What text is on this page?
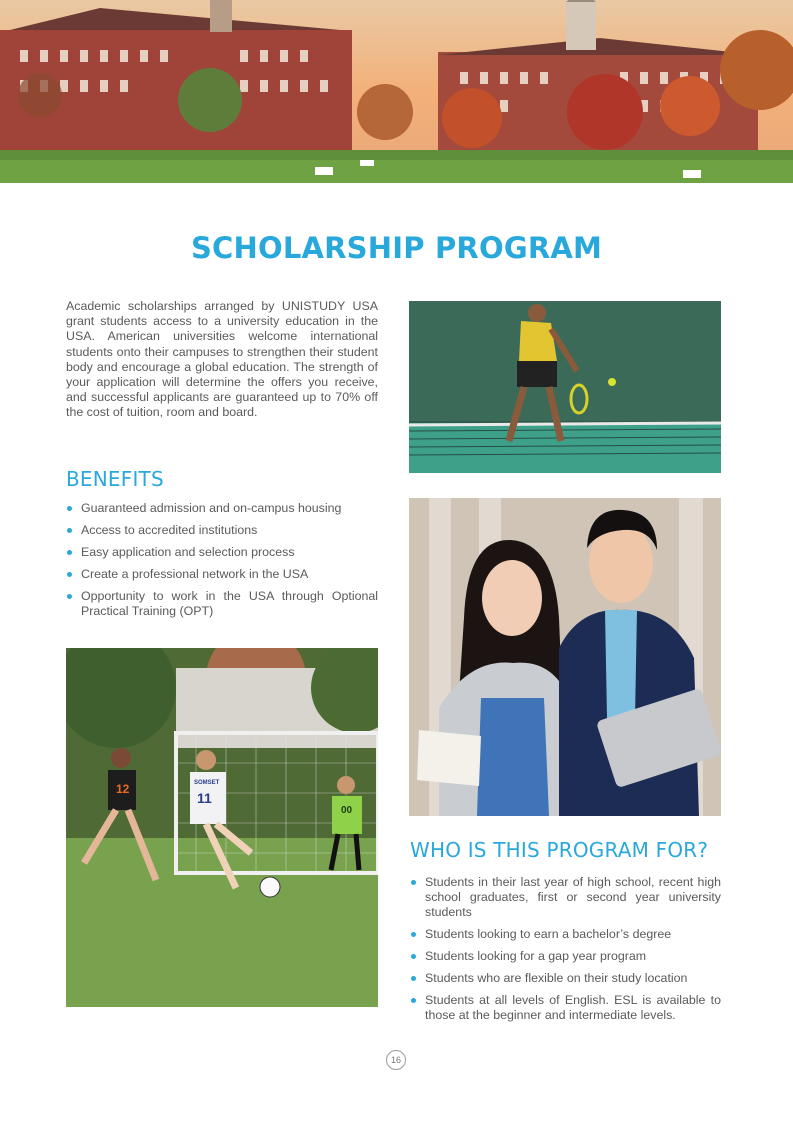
SCHOLARSHIP PROGRAM

Academic scholarships arranged by UNISTUDY USA grant students access to a university education in the USA. American universities welcome international students onto their campuses to strengthen their student body and encourage a global education. The strength of your application will determine the offers you receive, and successful applicants are guaranteed up to 70% off the cost of tuition, room and board.

BENEFITS
Guaranteed admission and on-campus housing
Access to accredited institutions
Easy application and selection process
Create a professional network in the USA
Opportunity to work in the USA through Optional Practical Training (OPT)
12	SOMSET
11
00
WHO IS THIS PROGRAM FOR?
Students in their last year of high school, recent high school graduates, first or second year university students
Students looking to earn a bachelor’s degree
Students looking for a gap year program
Students who are flexible on their study location
Students at all levels of English. ESL is available to those at the beginner and intermediate levels.
16
